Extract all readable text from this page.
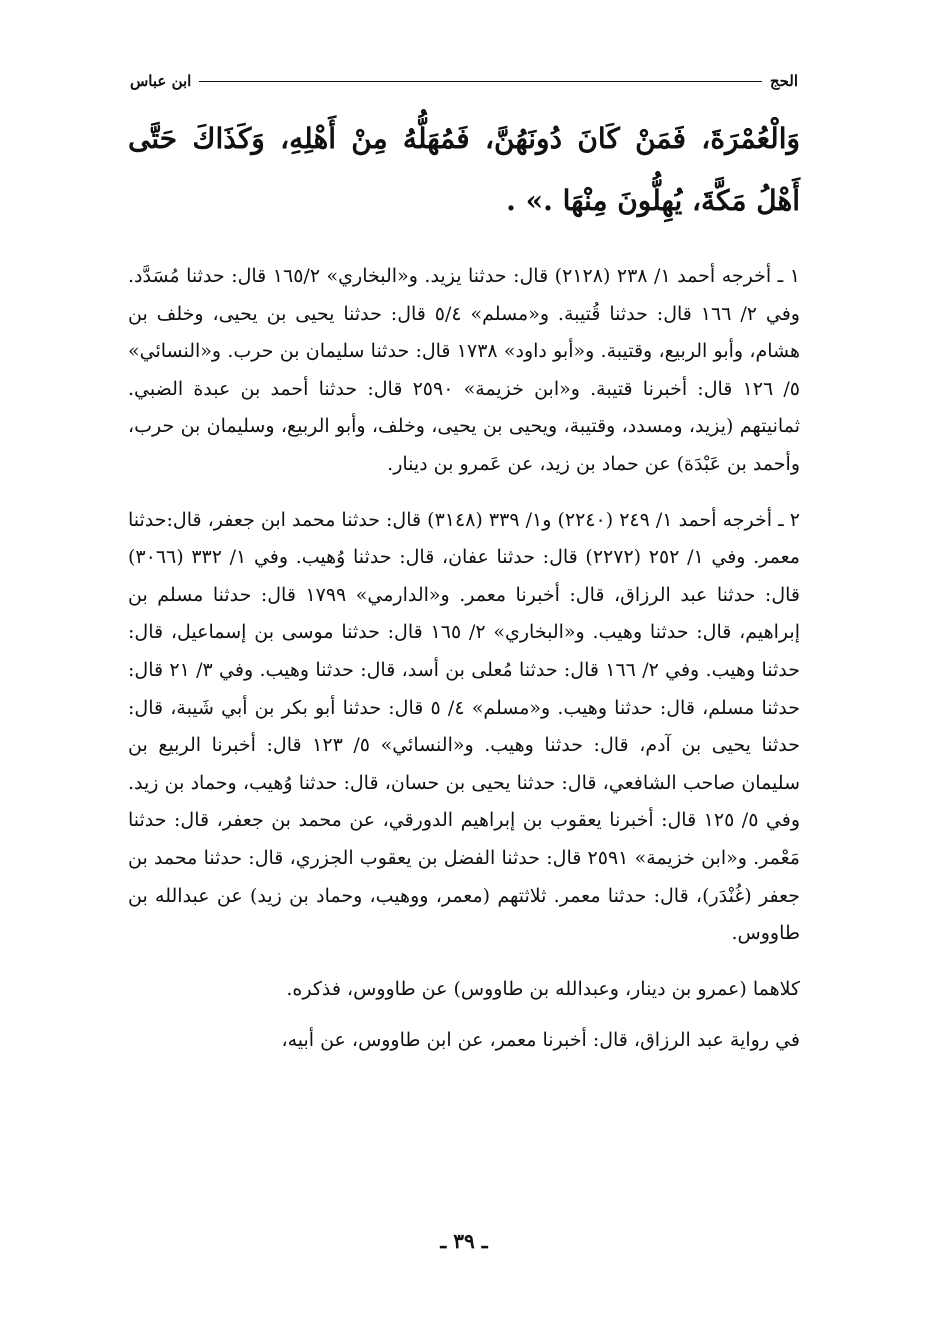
الحج
ابن عباس

وَالْعُمْرَةَ، فَمَنْ كَانَ دُونَهُنَّ، فَمُهَلُّهُ مِنْ أَهْلِهِ، وَكَذَاكَ حَتَّى أَهْلُ مَكَّةَ، يُهِلُّونَ مِنْهَا .» .

١ ـ أخرجه أحمد ١/ ٢٣٨ (٢١٢٨) قال: حدثنا يزيد. و«البخاري» ١٦٥/٢ قال: حدثنا مُسَدَّد. وفي ٢/ ١٦٦ قال: حدثنا قُتيبة. و«مسلم» ٥/٤ قال: حدثنا يحيى بن يحيى، وخلف بن هشام، وأبو الربيع، وقتيبة. و«أبو داود» ١٧٣٨ قال: حدثنا سليمان بن حرب. و«النسائي» ٥/ ١٢٦ قال: أخبرنا قتيبة. و«ابن خزيمة» ٢٥٩٠ قال: حدثنا أحمد بن عبدة الضبي. ثمانيتهم (يزيد، ومسدد، وقتيبة، ويحيى بن يحيى، وخلف، وأبو الربيع، وسليمان بن حرب، وأحمد بن عَبْدَة) عن حماد بن زيد، عن عَمرو بن دينار.

٢ ـ أخرجه أحمد ١/ ٢٤٩ (٢٢٤٠) و١/ ٣٣٩ (٣١٤٨) قال: حدثنا محمد ابن جعفر، قال:حدثنا معمر. وفي ١/ ٢٥٢ (٢٢٧٢) قال: حدثنا عفان، قال: حدثنا وُهيب. وفي ١/ ٣٣٢ (٣٠٦٦) قال: حدثنا عبد الرزاق، قال: أخبرنا معمر. و«الدارمي» ١٧٩٩ قال: حدثنا مسلم بن إبراهيم، قال: حدثنا وهيب. و«البخاري» ٢/ ١٦٥ قال: حدثنا موسى بن إسماعيل، قال: حدثنا وهيب. وفي ٢/ ١٦٦ قال: حدثنا مُعلى بن أسد، قال: حدثنا وهيب. وفي ٣/ ٢١ قال: حدثنا مسلم، قال: حدثنا وهيب. و«مسلم» ٤/ ٥ قال: حدثنا أبو بكر بن أبي شَيبة، قال: حدثنا يحيى بن آدم، قال: حدثنا وهيب. و«النسائي» ٥/ ١٢٣ قال: أخبرنا الربيع بن سليمان صاحب الشافعي، قال: حدثنا يحيى بن حسان، قال: حدثنا وُهيب، وحماد بن زيد. وفي ٥/ ١٢٥ قال: أخبرنا يعقوب بن إبراهيم الدورقي، عن محمد بن جعفر، قال: حدثنا مَعْمر. و«ابن خزيمة» ٢٥٩١ قال: حدثنا الفضل بن يعقوب الجزري، قال: حدثنا محمد بن جعفر (غُنْدَر)، قال: حدثنا معمر. ثلاثتهم (معمر، ووهيب، وحماد بن زيد) عن عبدالله بن طاووس.

كلاهما (عمرو بن دينار، وعبدالله بن طاووس) عن طاووس، فذكره.

في رواية عبد الرزاق، قال: أخبرنا معمر، عن ابن طاووس، عن أبيه،

ـ ٣٩ ـ
